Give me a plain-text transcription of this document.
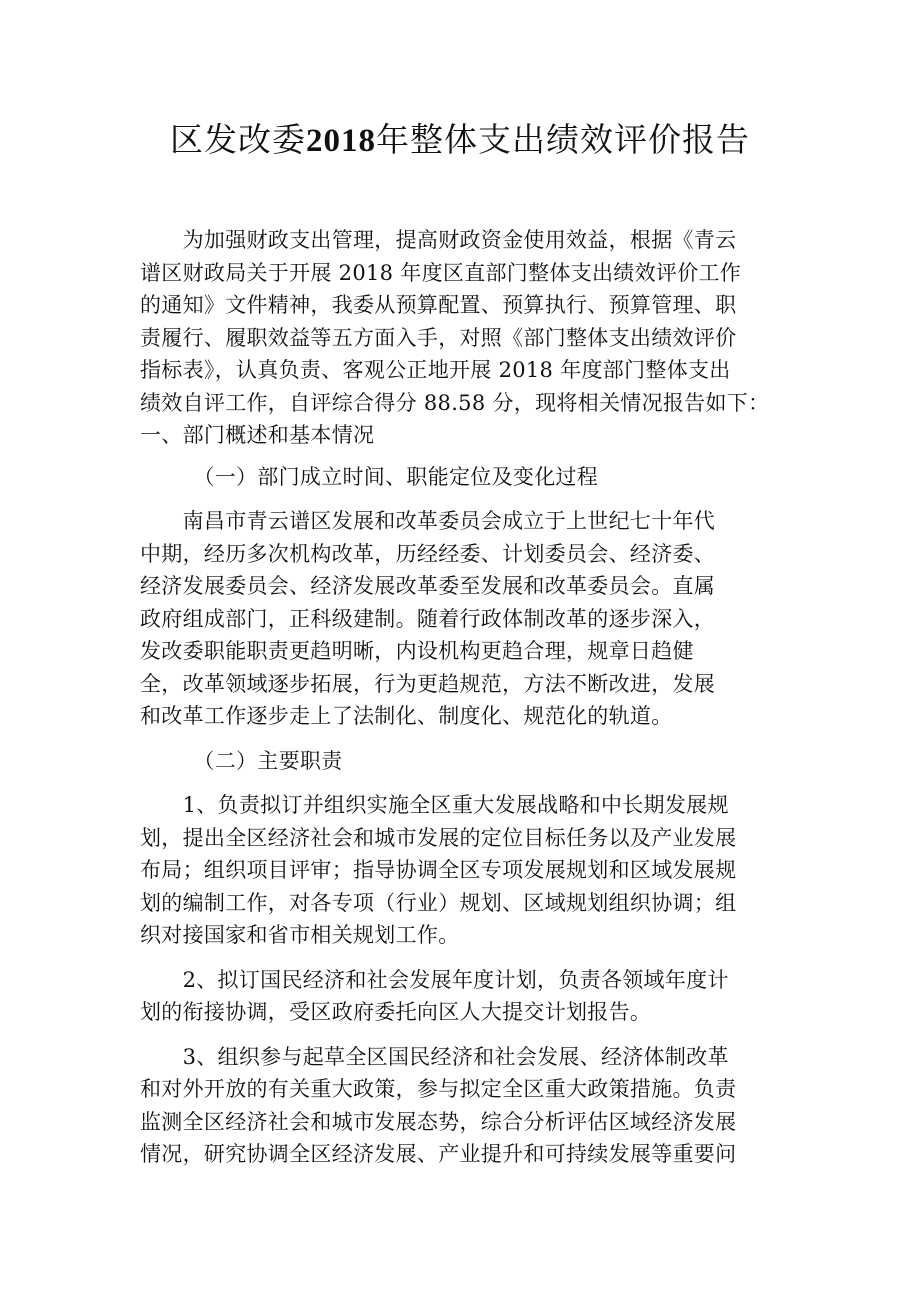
区发改委2018年整体支出绩效评价报告

　　为加强财政支出管理，提高财政资金使用效益，根据《青云
谱区财政局关于开展 2018 年度区直部门整体支出绩效评价工作
的通知》文件精神，我委从预算配置、预算执行、预算管理、职
责履行、履职效益等五方面入手，对照《部门整体支出绩效评价
指标表》，认真负责、客观公正地开展 2018 年度部门整体支出
绩效自评工作，自评综合得分 88.58 分，现将相关情况报告如下：
一、部门概述和基本情况

　　　（一）部门成立时间、职能定位及变化过程

　　南昌市青云谱区发展和改革委员会成立于上世纪七十年代
中期，经历多次机构改革，历经经委、计划委员会、经济委、
经济发展委员会、经济发展改革委至发展和改革委员会。直属
政府组成部门，正科级建制。随着行政体制改革的逐步深入，
发改委职能职责更趋明晰，内设机构更趋合理，规章日趋健
全，改革领域逐步拓展，行为更趋规范，方法不断改进，发展
和改革工作逐步走上了法制化、制度化、规范化的轨道。

　　　（二）主要职责

　　1、负责拟订并组织实施全区重大发展战略和中长期发展规
划，提出全区经济社会和城市发展的定位目标任务以及产业发展
布局；组织项目评审；指导协调全区专项发展规划和区域发展规
划的编制工作，对各专项（行业）规划、区域规划组织协调；组
织对接国家和省市相关规划工作。

　　2、拟订国民经济和社会发展年度计划，负责各领域年度计
划的衔接协调，受区政府委托向区人大提交计划报告。

　　3、组织参与起草全区国民经济和社会发展、经济体制改革
和对外开放的有关重大政策，参与拟定全区重大政策措施。负责
监测全区经济社会和城市发展态势，综合分析评估区域经济发展
情况，研究协调全区经济发展、产业提升和可持续发展等重要问
